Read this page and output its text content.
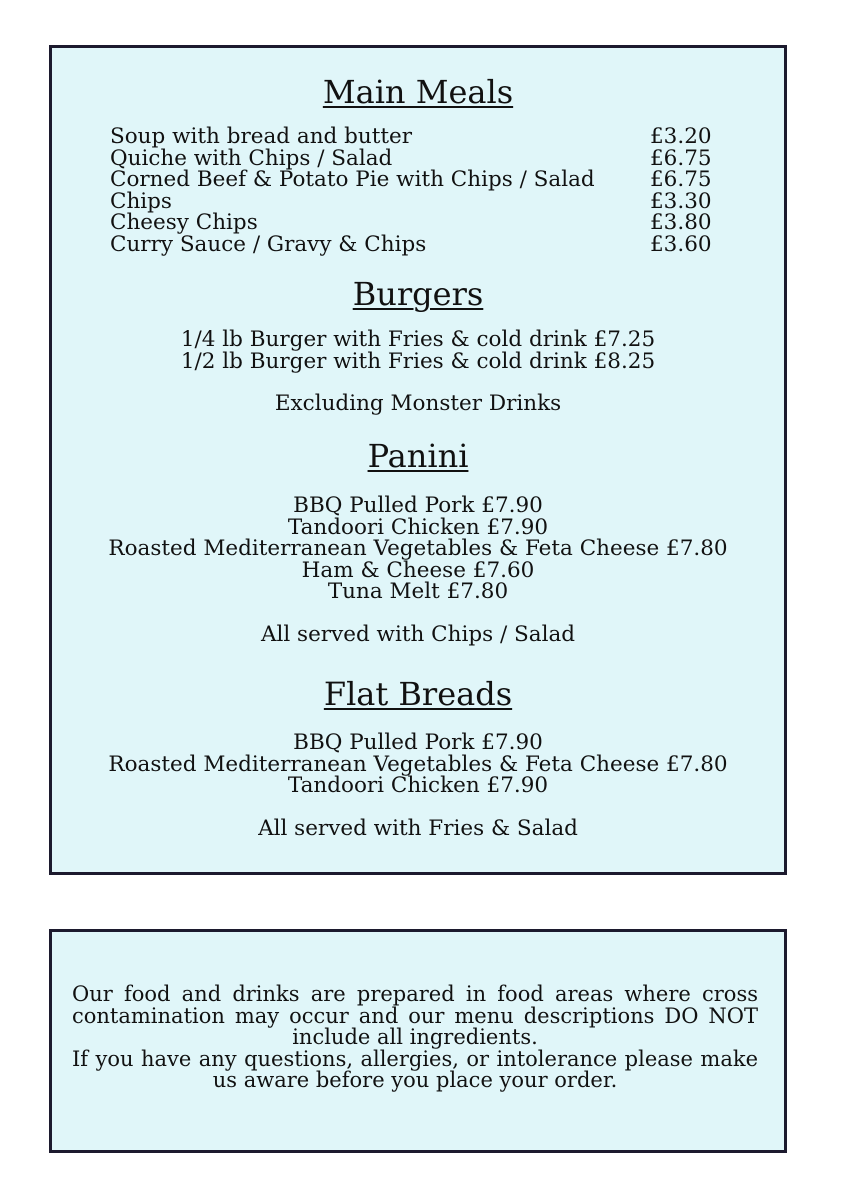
Main Meals
Soup with bread and butter	£3.20
Quiche with Chips / Salad	£6.75
Corned Beef & Potato Pie with Chips / Salad	£6.75
Chips	£3.30
Cheesy Chips	£3.80
Curry Sauce / Gravy & Chips	£3.60
Burgers
1/4 lb Burger with Fries & cold drink £7.25
1/2 lb Burger with Fries & cold drink £8.25
Excluding Monster Drinks
Panini
BBQ Pulled Pork £7.90
Tandoori Chicken £7.90
Roasted Mediterranean Vegetables & Feta Cheese £7.80
Ham & Cheese £7.60
Tuna Melt £7.80
All served with Chips / Salad
Flat Breads
BBQ Pulled Pork £7.90
Roasted Mediterranean Vegetables & Feta Cheese £7.80
Tandoori Chicken £7.90
All served with Fries & Salad

Our food and drinks are prepared in food areas where cross contamination may occur and our menu descriptions DO NOT include all ingredients.

If you have any questions, allergies, or intolerance please make us aware before you place your order.
